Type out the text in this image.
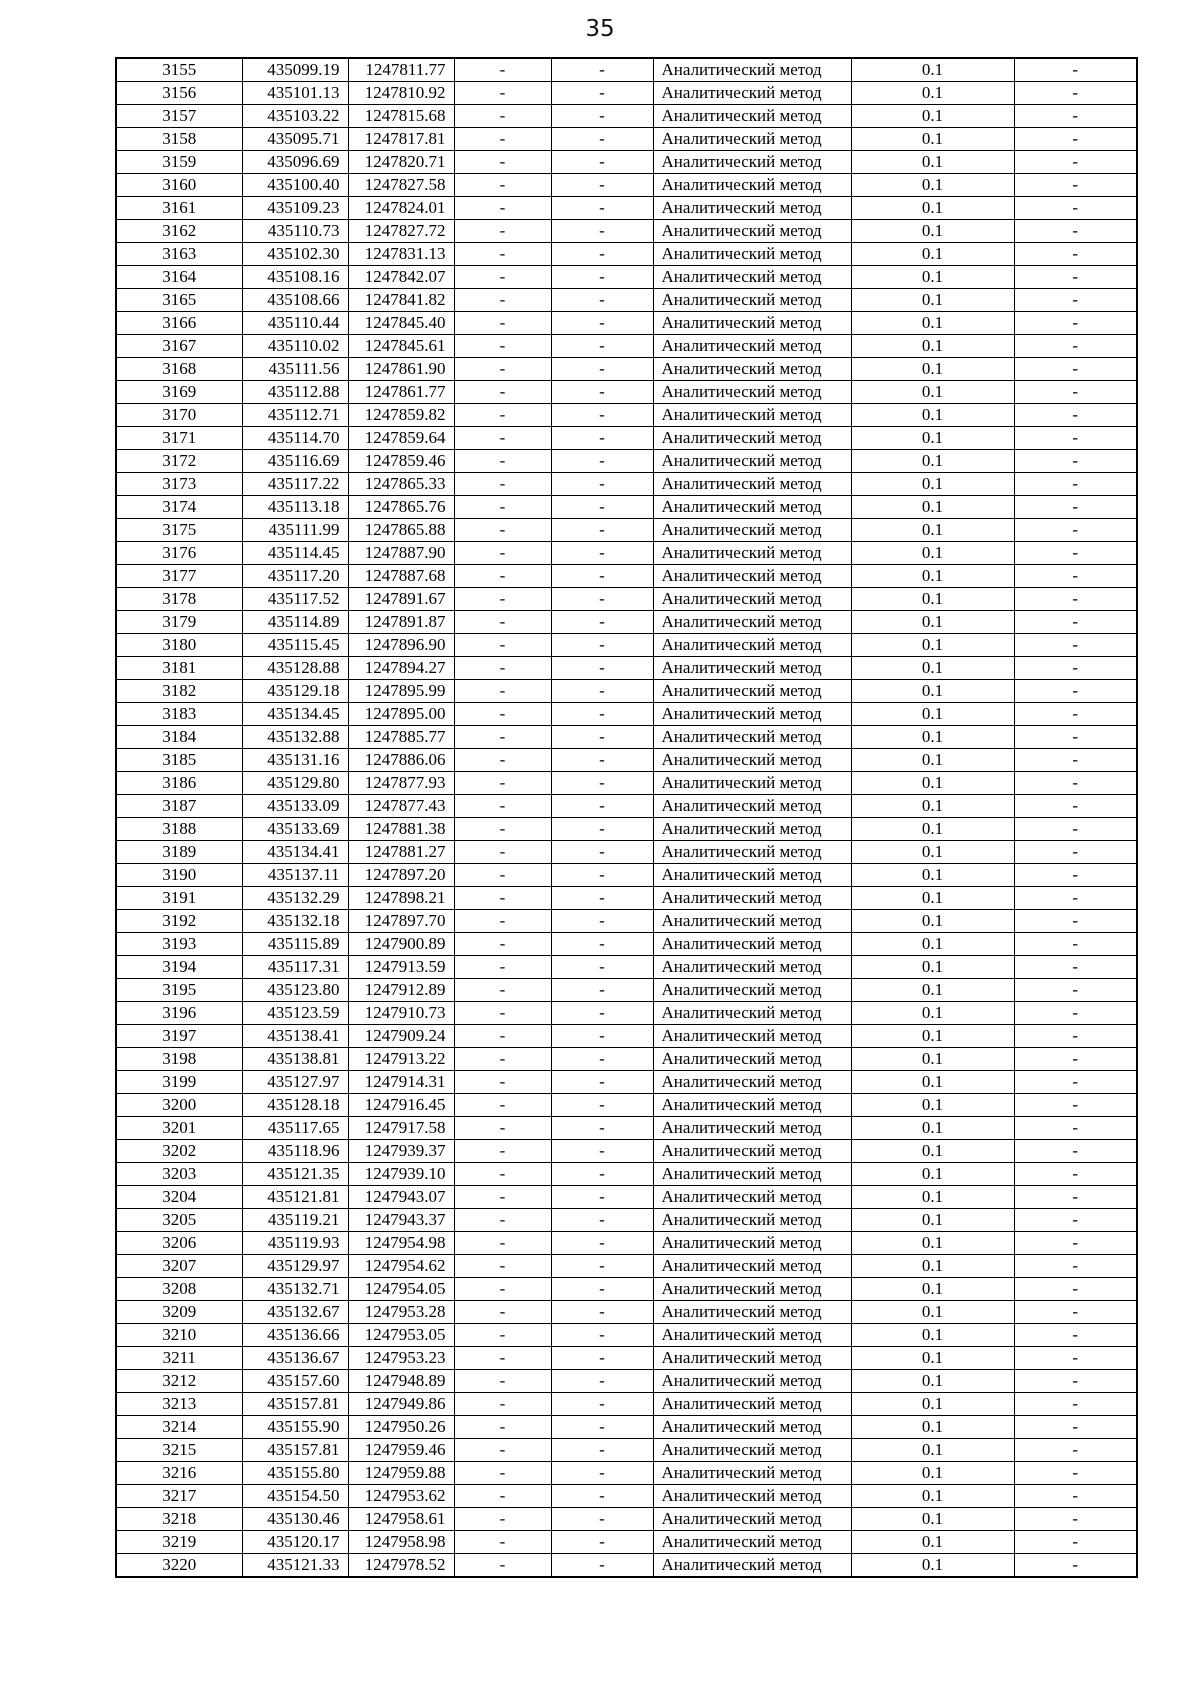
35
3155	435099.19	1247811.77	-	-	Аналитический метод	0.1	-
3156	435101.13	1247810.92	-	-	Аналитический метод	0.1	-
3157	435103.22	1247815.68	-	-	Аналитический метод	0.1	-
3158	435095.71	1247817.81	-	-	Аналитический метод	0.1	-
3159	435096.69	1247820.71	-	-	Аналитический метод	0.1	-
3160	435100.40	1247827.58	-	-	Аналитический метод	0.1	-
3161	435109.23	1247824.01	-	-	Аналитический метод	0.1	-
3162	435110.73	1247827.72	-	-	Аналитический метод	0.1	-
3163	435102.30	1247831.13	-	-	Аналитический метод	0.1	-
3164	435108.16	1247842.07	-	-	Аналитический метод	0.1	-
3165	435108.66	1247841.82	-	-	Аналитический метод	0.1	-
3166	435110.44	1247845.40	-	-	Аналитический метод	0.1	-
3167	435110.02	1247845.61	-	-	Аналитический метод	0.1	-
3168	435111.56	1247861.90	-	-	Аналитический метод	0.1	-
3169	435112.88	1247861.77	-	-	Аналитический метод	0.1	-
3170	435112.71	1247859.82	-	-	Аналитический метод	0.1	-
3171	435114.70	1247859.64	-	-	Аналитический метод	0.1	-
3172	435116.69	1247859.46	-	-	Аналитический метод	0.1	-
3173	435117.22	1247865.33	-	-	Аналитический метод	0.1	-
3174	435113.18	1247865.76	-	-	Аналитический метод	0.1	-
3175	435111.99	1247865.88	-	-	Аналитический метод	0.1	-
3176	435114.45	1247887.90	-	-	Аналитический метод	0.1	-
3177	435117.20	1247887.68	-	-	Аналитический метод	0.1	-
3178	435117.52	1247891.67	-	-	Аналитический метод	0.1	-
3179	435114.89	1247891.87	-	-	Аналитический метод	0.1	-
3180	435115.45	1247896.90	-	-	Аналитический метод	0.1	-
3181	435128.88	1247894.27	-	-	Аналитический метод	0.1	-
3182	435129.18	1247895.99	-	-	Аналитический метод	0.1	-
3183	435134.45	1247895.00	-	-	Аналитический метод	0.1	-
3184	435132.88	1247885.77	-	-	Аналитический метод	0.1	-
3185	435131.16	1247886.06	-	-	Аналитический метод	0.1	-
3186	435129.80	1247877.93	-	-	Аналитический метод	0.1	-
3187	435133.09	1247877.43	-	-	Аналитический метод	0.1	-
3188	435133.69	1247881.38	-	-	Аналитический метод	0.1	-
3189	435134.41	1247881.27	-	-	Аналитический метод	0.1	-
3190	435137.11	1247897.20	-	-	Аналитический метод	0.1	-
3191	435132.29	1247898.21	-	-	Аналитический метод	0.1	-
3192	435132.18	1247897.70	-	-	Аналитический метод	0.1	-
3193	435115.89	1247900.89	-	-	Аналитический метод	0.1	-
3194	435117.31	1247913.59	-	-	Аналитический метод	0.1	-
3195	435123.80	1247912.89	-	-	Аналитический метод	0.1	-
3196	435123.59	1247910.73	-	-	Аналитический метод	0.1	-
3197	435138.41	1247909.24	-	-	Аналитический метод	0.1	-
3198	435138.81	1247913.22	-	-	Аналитический метод	0.1	-
3199	435127.97	1247914.31	-	-	Аналитический метод	0.1	-
3200	435128.18	1247916.45	-	-	Аналитический метод	0.1	-
3201	435117.65	1247917.58	-	-	Аналитический метод	0.1	-
3202	435118.96	1247939.37	-	-	Аналитический метод	0.1	-
3203	435121.35	1247939.10	-	-	Аналитический метод	0.1	-
3204	435121.81	1247943.07	-	-	Аналитический метод	0.1	-
3205	435119.21	1247943.37	-	-	Аналитический метод	0.1	-
3206	435119.93	1247954.98	-	-	Аналитический метод	0.1	-
3207	435129.97	1247954.62	-	-	Аналитический метод	0.1	-
3208	435132.71	1247954.05	-	-	Аналитический метод	0.1	-
3209	435132.67	1247953.28	-	-	Аналитический метод	0.1	-
3210	435136.66	1247953.05	-	-	Аналитический метод	0.1	-
3211	435136.67	1247953.23	-	-	Аналитический метод	0.1	-
3212	435157.60	1247948.89	-	-	Аналитический метод	0.1	-
3213	435157.81	1247949.86	-	-	Аналитический метод	0.1	-
3214	435155.90	1247950.26	-	-	Аналитический метод	0.1	-
3215	435157.81	1247959.46	-	-	Аналитический метод	0.1	-
3216	435155.80	1247959.88	-	-	Аналитический метод	0.1	-
3217	435154.50	1247953.62	-	-	Аналитический метод	0.1	-
3218	435130.46	1247958.61	-	-	Аналитический метод	0.1	-
3219	435120.17	1247958.98	-	-	Аналитический метод	0.1	-
3220	435121.33	1247978.52	-	-	Аналитический метод	0.1	-
